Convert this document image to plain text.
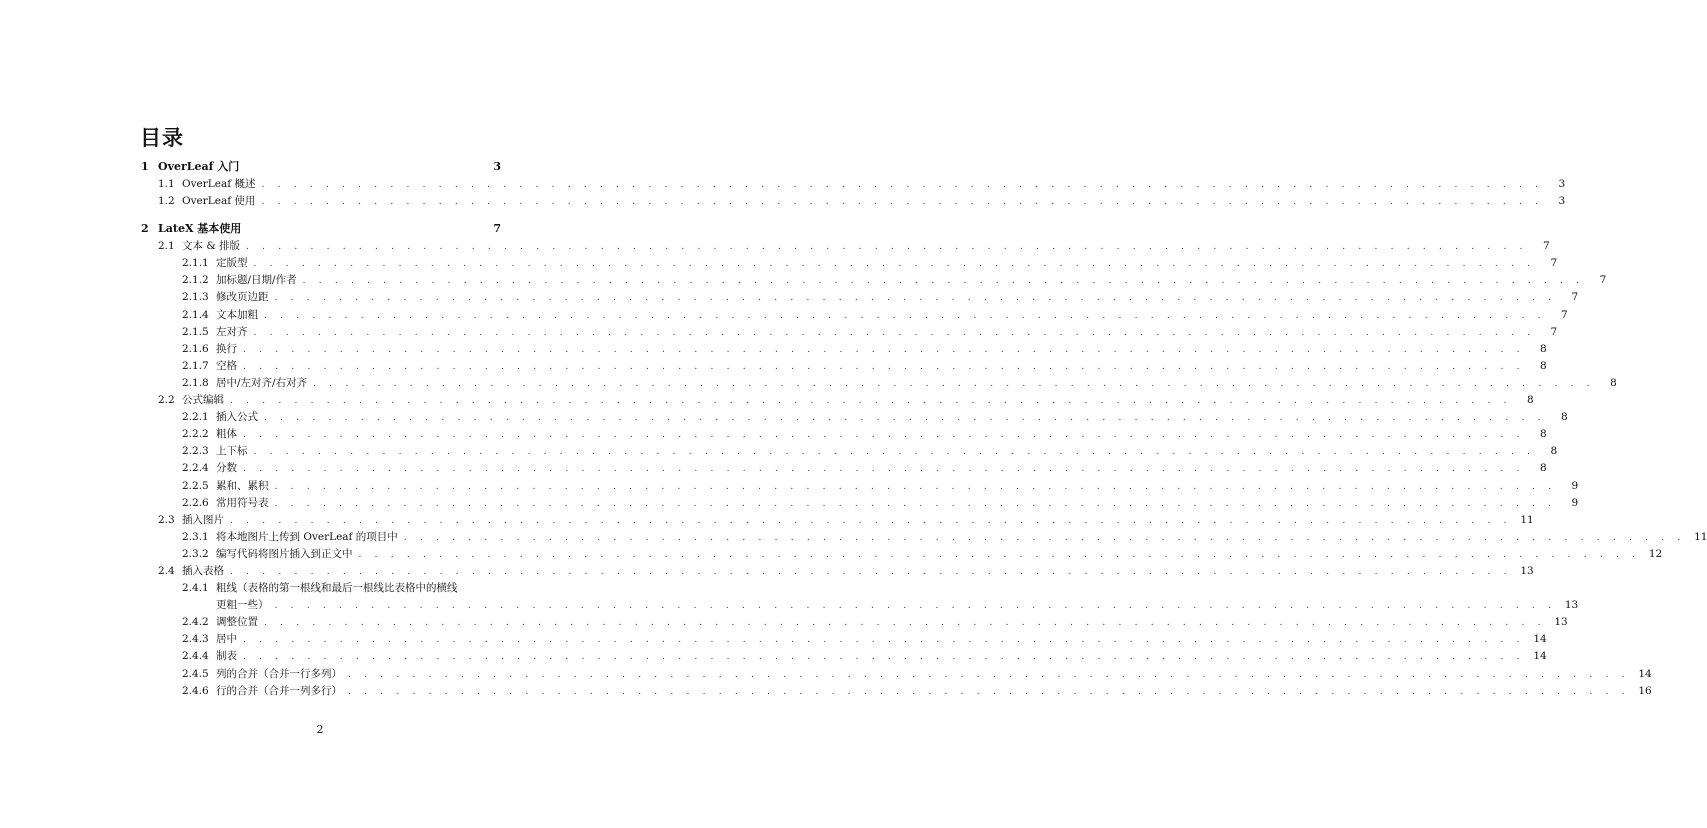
目录
1 OverLeaf 入门	3
1.1 OverLeaf 概述 . . . . . . . . . . . . . . . . . . . . . . . . . . . . . . . . . . . . . . . . . . . . . . . . . . . . . . . . . . . . . . . . . . . . . . . . . . . . . . . .	3
1.2 OverLeaf 使用 . . . . . . . . . . . . . . . . . . . . . . . . . . . . . . . . . . . . . . . . . . . . . . . . . . . . . . . . . . . . . . . . . . . . . . . . . . . . . . . .	3
2 LateX 基本使用	7
2.1 文本 & 排版 . . . . . . . . . . . . . . . . . . . . . . . . . . . . . . . . . . . . . . . . . . . . . . . . . . . . . . . . . . . . . . . . . . . . . . . . . . . . . . . .	7
2.1.1 定版型 . . . . . . . . . . . . . . . . . . . . . . . . . . . . . . . . . . . . . . . . . . . . . . . . . . . . . . . . . . . . . . . . . . . . . . . . . . . . . . . .	7
2.1.2 加标题/日期/作者 . . . . . . . . . . . . . . . . . . . . . . . . . . . . . . . . . . . . . . . . . . . . . . . . . . . . . . . . . . . . . . . . . . . . . . . . . . . . . . . .	7
2.1.3 修改页边距 . . . . . . . . . . . . . . . . . . . . . . . . . . . . . . . . . . . . . . . . . . . . . . . . . . . . . . . . . . . . . . . . . . . . . . . . . . . . . . . .	7
2.1.4 文本加粗 . . . . . . . . . . . . . . . . . . . . . . . . . . . . . . . . . . . . . . . . . . . . . . . . . . . . . . . . . . . . . . . . . . . . . . . . . . . . . . . .	7
2.1.5 左对齐 . . . . . . . . . . . . . . . . . . . . . . . . . . . . . . . . . . . . . . . . . . . . . . . . . . . . . . . . . . . . . . . . . . . . . . . . . . . . . . . .	7
2.1.6 换行 . . . . . . . . . . . . . . . . . . . . . . . . . . . . . . . . . . . . . . . . . . . . . . . . . . . . . . . . . . . . . . . . . . . . . . . . . . . . . . . .	8
2.1.7 空格 . . . . . . . . . . . . . . . . . . . . . . . . . . . . . . . . . . . . . . . . . . . . . . . . . . . . . . . . . . . . . . . . . . . . . . . . . . . . . . . .	8
2.1.8 居中/左对齐/右对齐 . . . . . . . . . . . . . . . . . . . . . . . . . . . . . . . . . . . . . . . . . . . . . . . . . . . . . . . . . . . . . . . . . . . . . . . . . . . . . . . .	8
2.2 公式编辑 . . . . . . . . . . . . . . . . . . . . . . . . . . . . . . . . . . . . . . . . . . . . . . . . . . . . . . . . . . . . . . . . . . . . . . . . . . . . . . . .	8
2.2.1 插入公式 . . . . . . . . . . . . . . . . . . . . . . . . . . . . . . . . . . . . . . . . . . . . . . . . . . . . . . . . . . . . . . . . . . . . . . . . . . . . . . . .	8
2.2.2 粗体 . . . . . . . . . . . . . . . . . . . . . . . . . . . . . . . . . . . . . . . . . . . . . . . . . . . . . . . . . . . . . . . . . . . . . . . . . . . . . . . .	8
2.2.3 上下标 . . . . . . . . . . . . . . . . . . . . . . . . . . . . . . . . . . . . . . . . . . . . . . . . . . . . . . . . . . . . . . . . . . . . . . . . . . . . . . . .	8
2.2.4 分数 . . . . . . . . . . . . . . . . . . . . . . . . . . . . . . . . . . . . . . . . . . . . . . . . . . . . . . . . . . . . . . . . . . . . . . . . . . . . . . . .	8
2.2.5 累和、累积 . . . . . . . . . . . . . . . . . . . . . . . . . . . . . . . . . . . . . . . . . . . . . . . . . . . . . . . . . . . . . . . . . . . . . . . . . . . . . . . .	9
2.2.6 常用符号表 . . . . . . . . . . . . . . . . . . . . . . . . . . . . . . . . . . . . . . . . . . . . . . . . . . . . . . . . . . . . . . . . . . . . . . . . . . . . . . . .	9
2.3 插入图片 . . . . . . . . . . . . . . . . . . . . . . . . . . . . . . . . . . . . . . . . . . . . . . . . . . . . . . . . . . . . . . . . . . . . . . . . . . . . . . . . 11
2.3.1 将本地图片上传到 OverLeaf 的项目中 . . . . . . . . . . . . . . . . . . . . . . . . . . . . . . . . . . . . . . . . . . . . . . . . . . . . . . . . . . . . . . . . . . . . . . . . . . . . . . . . 11
2.3.2 编写代码将图片插入到正文中 . . . . . . . . . . . . . . . . . . . . . . . . . . . . . . . . . . . . . . . . . . . . . . . . . . . . . . . . . . . . . . . . . . . . . . . . . . . . . . . . 12
2.4 插入表格 . . . . . . . . . . . . . . . . . . . . . . . . . . . . . . . . . . . . . . . . . . . . . . . . . . . . . . . . . . . . . . . . . . . . . . . . . . . . . . . . 13
2.4.1 粗线（表格的第一根线和最后一根线比表格中的横线
更粗一些） . . . . . . . . . . . . . . . . . . . . . . . . . . . . . . . . . . . . . . . . . . . . . . . . . . . . . . . . . . . . . . . . . . . . . . . . . . . . . . . . 13
2.4.2 调整位置 . . . . . . . . . . . . . . . . . . . . . . . . . . . . . . . . . . . . . . . . . . . . . . . . . . . . . . . . . . . . . . . . . . . . . . . . . . . . . . . . 13
2.4.3 居中 . . . . . . . . . . . . . . . . . . . . . . . . . . . . . . . . . . . . . . . . . . . . . . . . . . . . . . . . . . . . . . . . . . . . . . . . . . . . . . . . 14
2.4.4 制表 . . . . . . . . . . . . . . . . . . . . . . . . . . . . . . . . . . . . . . . . . . . . . . . . . . . . . . . . . . . . . . . . . . . . . . . . . . . . . . . . 14
2.4.5 列的合并（合并一行多列） . . . . . . . . . . . . . . . . . . . . . . . . . . . . . . . . . . . . . . . . . . . . . . . . . . . . . . . . . . . . . . . . . . . . . . . . . . . . . . . . 14
2.4.6 行的合并（合并一列多行） . . . . . . . . . . . . . . . . . . . . . . . . . . . . . . . . . . . . . . . . . . . . . . . . . . . . . . . . . . . . . . . . . . . . . . . . . . . . . . . . 16
2
